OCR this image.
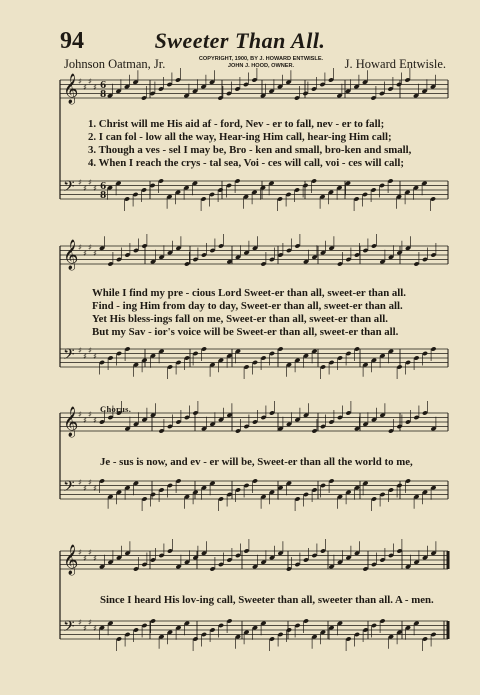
𝄞 ♯
♯
♯
♯ 6
8
𝄢 ♯
♯
♯
♯ 6
8
𝄞 ♯
♯
♯
♯
𝄢 ♯
♯
♯
♯
𝄞 ♯
♯
♯
♯
𝄢 ♯
♯
♯
♯
𝄞 ♯
♯
♯
♯
𝄢 ♯
♯
♯
♯
94	Sweeter Than All.
Johnson Oatman, Jr.	COPYRIGHT, 1900, BY J. HOWARD ENTWISLE.
JOHN J. HOOD, OWNER.	J. Howard Entwisle.
1. Christ will me His aid af - ford, Nev - er to fall, nev - er to fall;
2. I can fol - low all the way, Hear-ing Him call, hear-ing Him call;
3. Though a ves - sel I may be, Bro - ken and small, bro-ken and small,
4. When I reach the crys - tal sea, Voi - ces will call, voi - ces will call;
While I find my pre - cious Lord Sweet-er than all, sweet-er than all.
Find - ing Him from day to day, Sweet-er than all, sweet-er than all.
Yet His bless-ings fall on me, Sweet-er than all, sweet-er than all.
But my Sav - ior's voice will be Sweet-er than all, sweet-er than all.
Chorus.
Je - sus is now, and ev - er will be, Sweet-er than all the world to me,
Since I heard His lov-ing call, Sweeter than all, sweeter than all. A - men.
